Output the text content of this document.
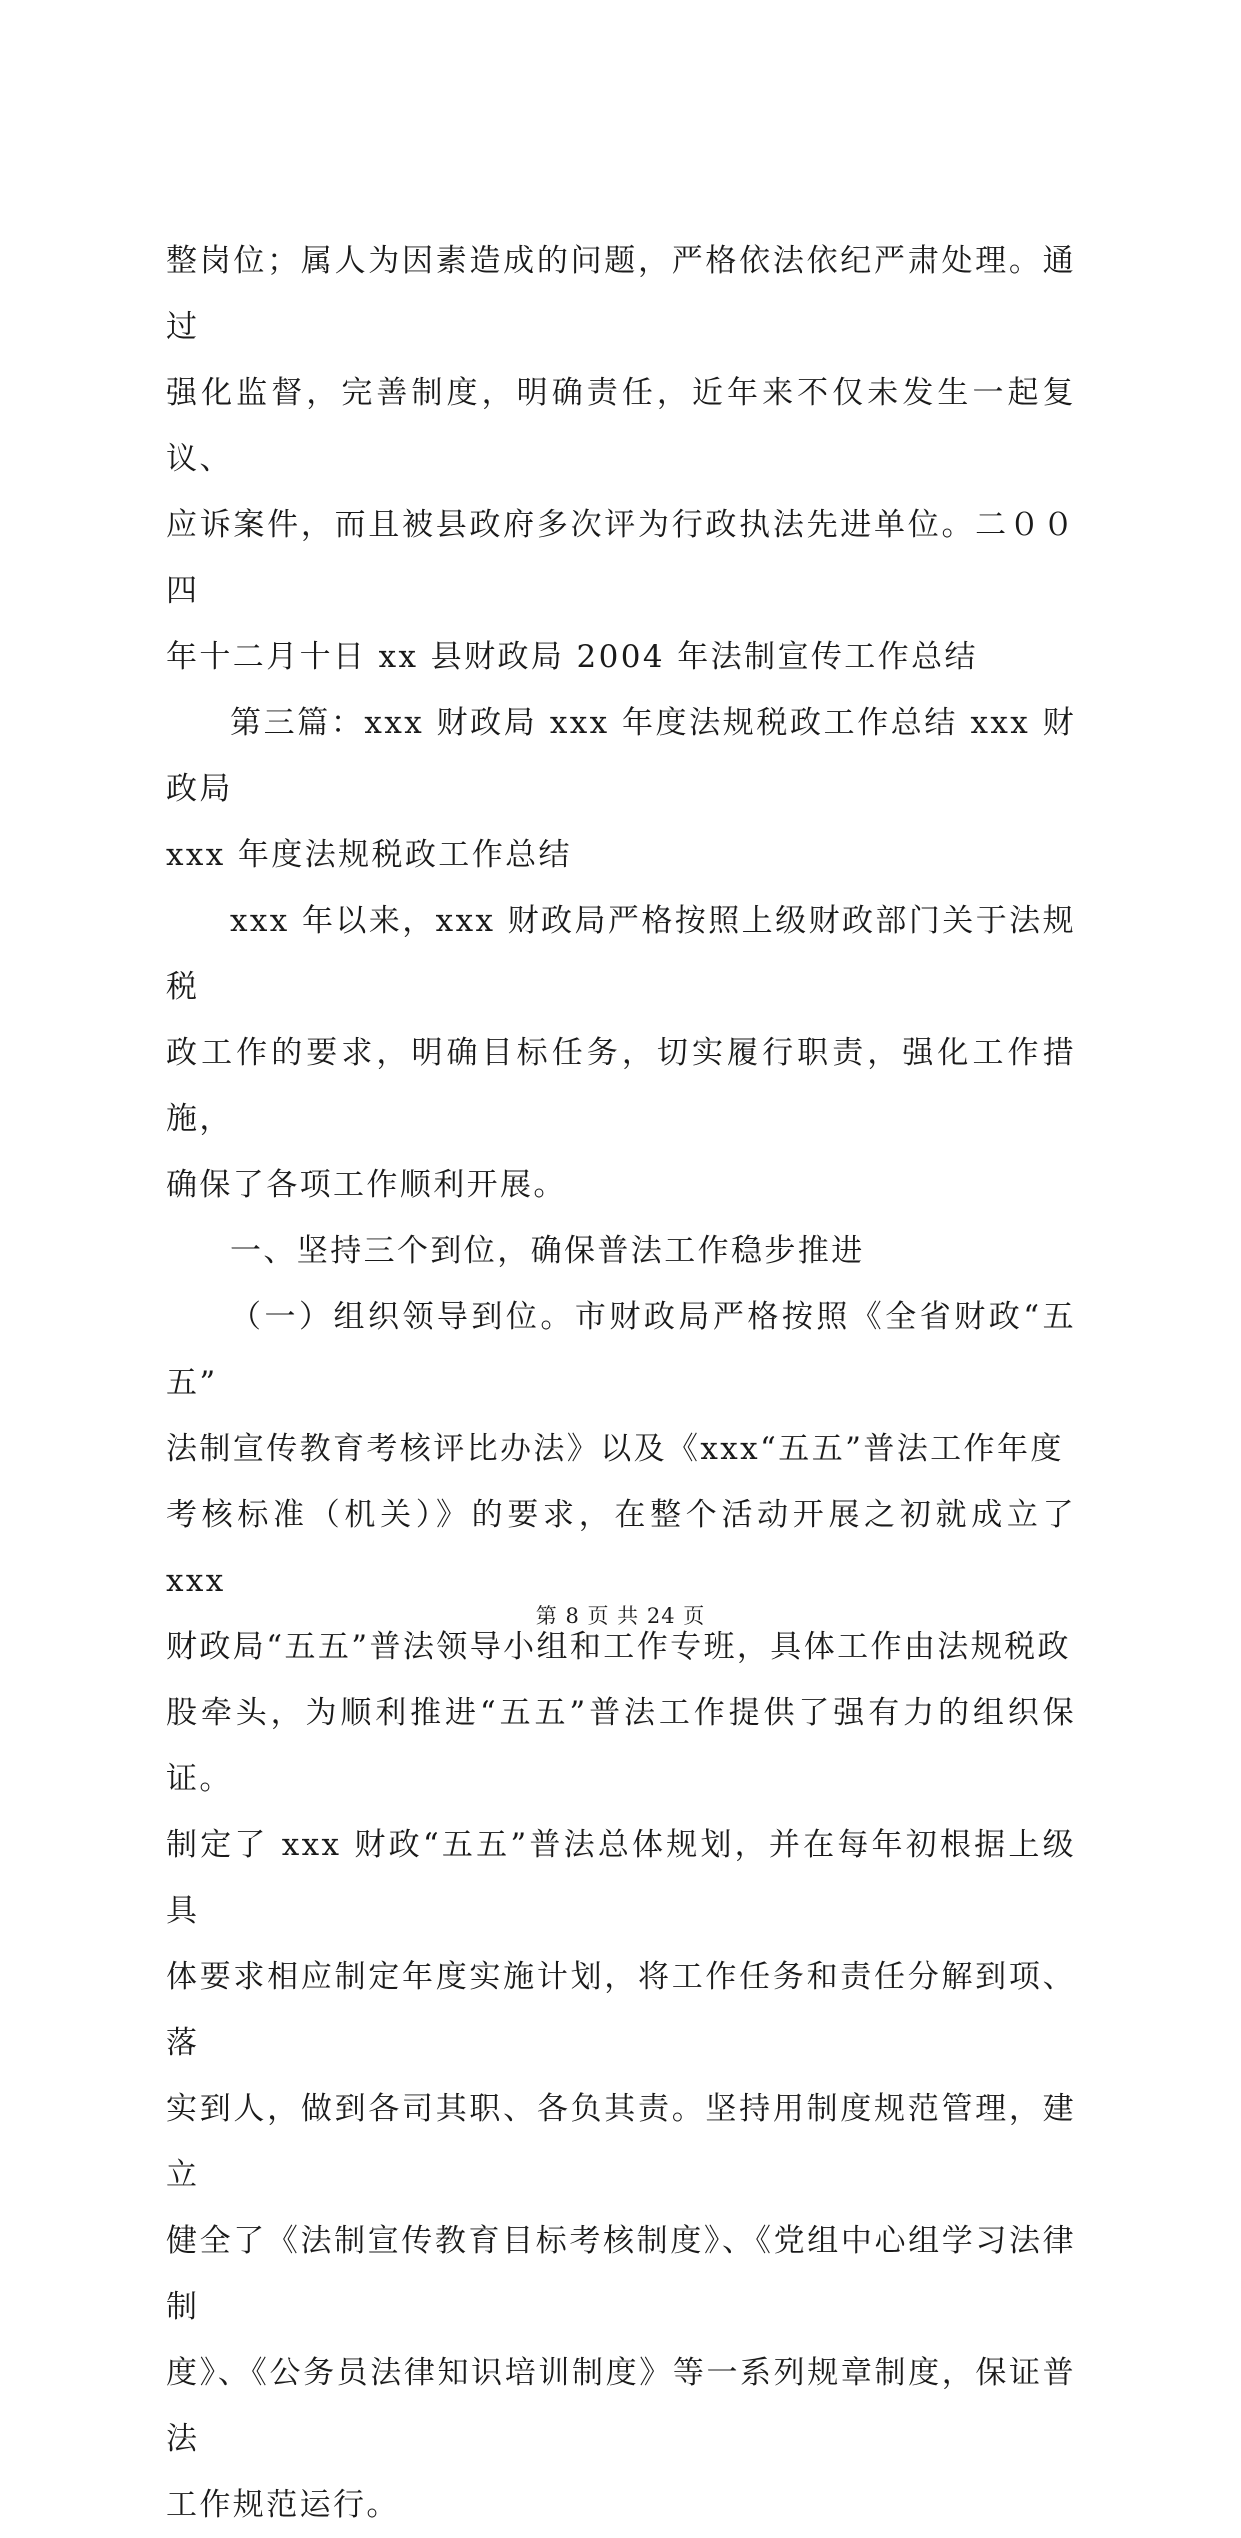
整岗位；属人为因素造成的问题，严格依法依纪严肃处理。通过
强化监督，完善制度，明确责任，近年来不仅未发生一起复议、
应诉案件，而且被县政府多次评为行政执法先进单位。二００四
年十二月十日 xx 县财政局 2004 年法制宣传工作总结

第三篇：xxx 财政局 xxx 年度法规税政工作总结 xxx 财政局
xxx 年度法规税政工作总结

xxx 年以来，xxx 财政局严格按照上级财政部门关于法规税
政工作的要求，明确目标任务，切实履行职责，强化工作措施，
确保了各项工作顺利开展。

一、坚持三个到位，确保普法工作稳步推进

（一）组织领导到位。市财政局严格按照《全省财政“五五”
法制宣传教育考核评比办法》以及《xxx“五五”普法工作年度
考核标准（机关）》的要求，在整个活动开展之初就成立了 xxx
财政局“五五”普法领导小组和工作专班，具体工作由法规税政
股牵头，为顺利推进“五五”普法工作提供了强有力的组织保证。
制定了 xxx 财政“五五”普法总体规划，并在每年初根据上级具
体要求相应制定年度实施计划，将工作任务和责任分解到项、落
实到人，做到各司其职、各负其责。坚持用制度规范管理，建立
健全了《法制宣传教育目标考核制度》、《党组中心组学习法律制
度》、《公务员法律知识培训制度》等一系列规章制度，保证普法
工作规范运行。

第 8 页 共 24 页
